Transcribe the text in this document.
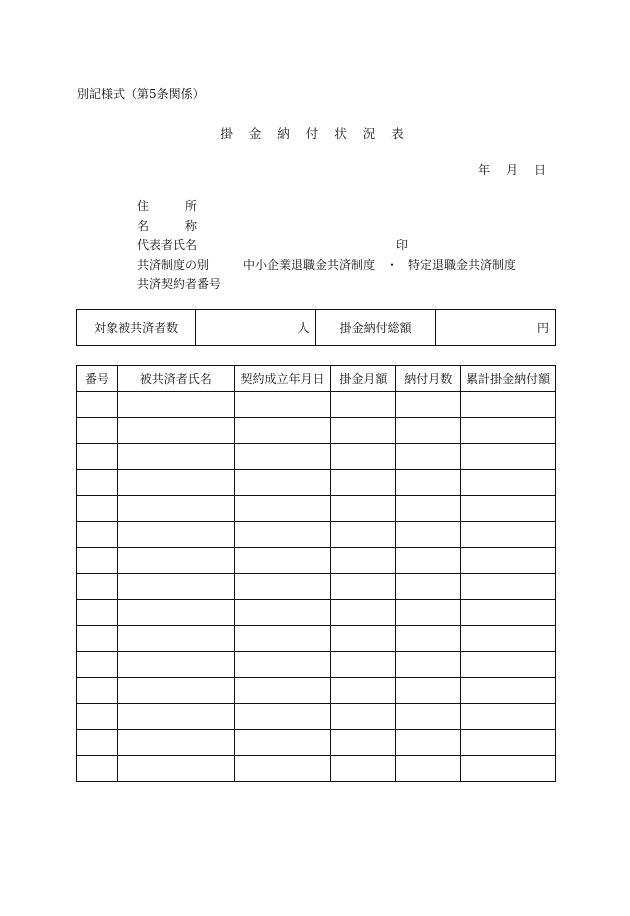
別記様式（第5条関係）
掛 金 納 付 状 況 表
年 月 日
住　所
名　称
代表者氏名	印
共済制度の別	中小企業退職金共済制度 ・ 特定退職金共済制度
共済契約者番号
対象被共済者数	人	掛金納付総額	円
番号	被共済者氏名	契約成立年月日	掛金月額	納付月数	累計掛金納付額
